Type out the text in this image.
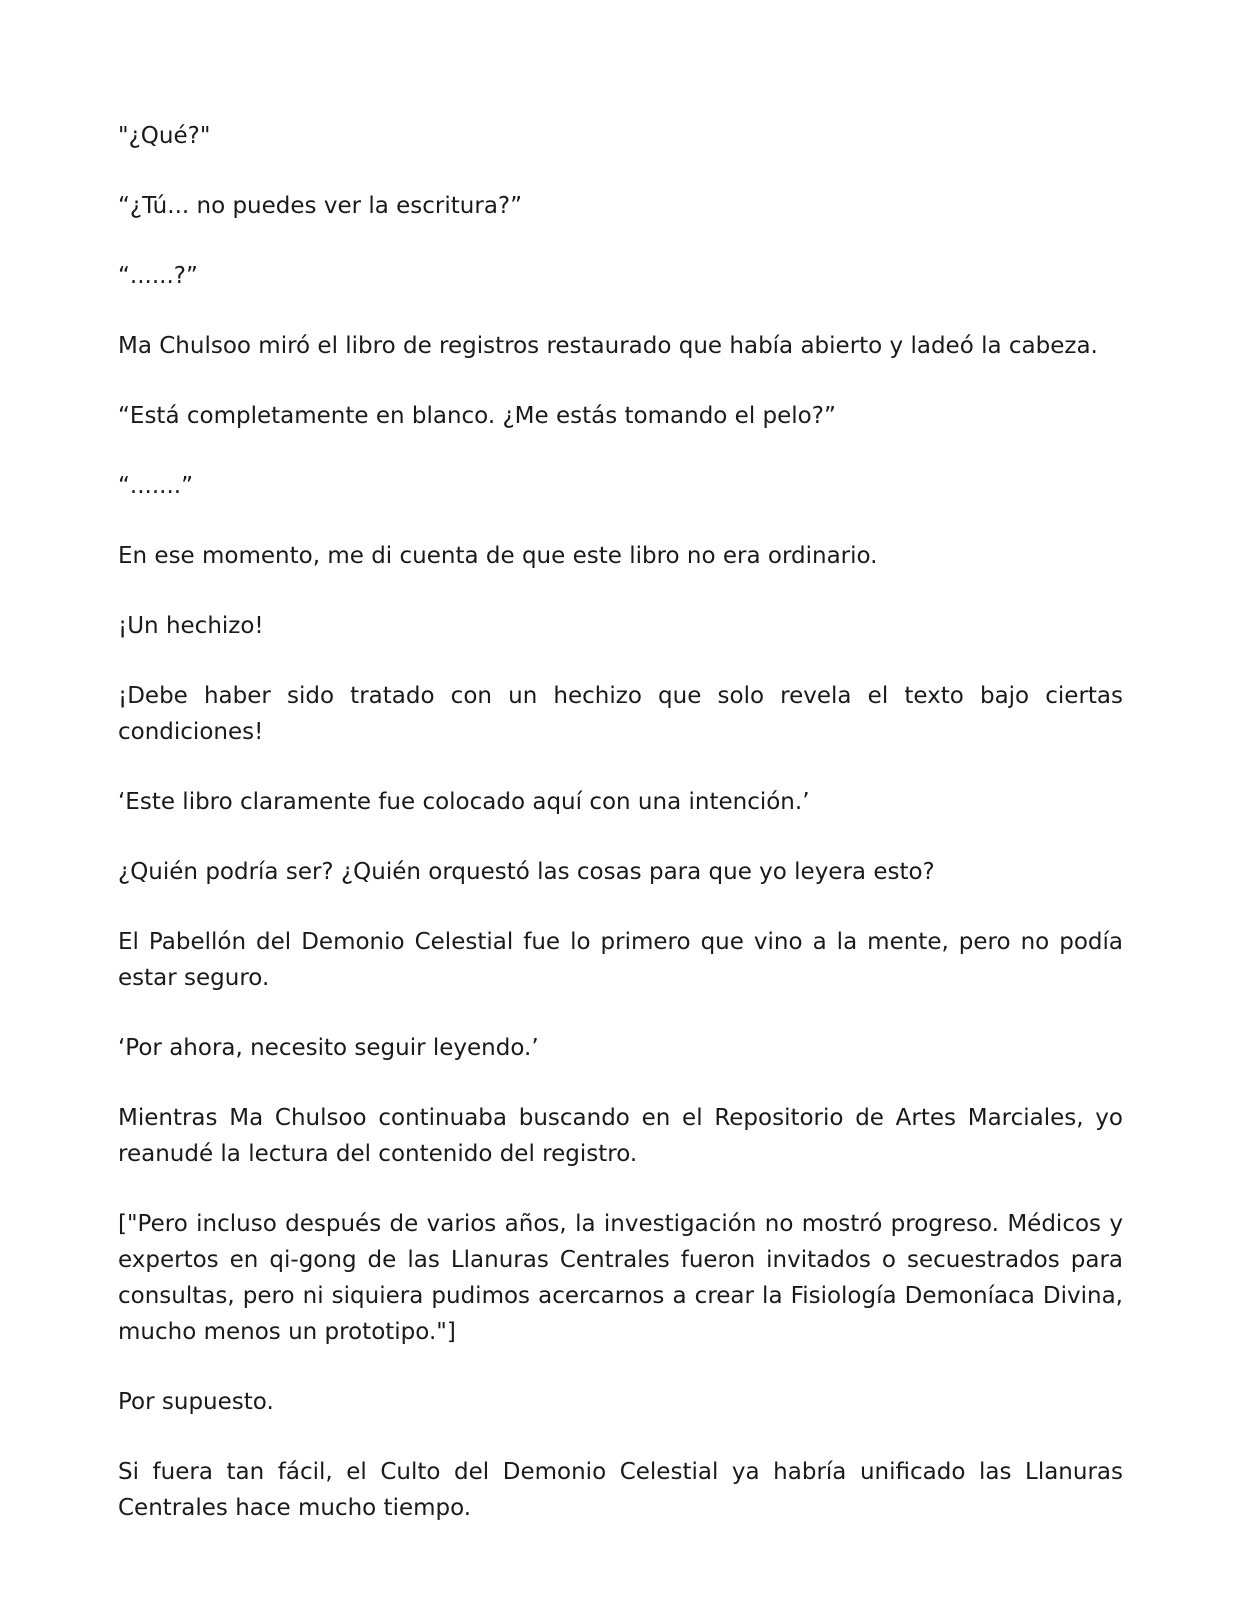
"¿Qué?"

“¿Tú... no puedes ver la escritura?”

“......?”

Ma Chulsoo miró el libro de registros restaurado que había abierto y ladeó la cabeza.

“Está completamente en blanco. ¿Me estás tomando el pelo?”

“.......”

En ese momento, me di cuenta de que este libro no era ordinario.

¡Un hechizo!

¡Debe haber sido tratado con un hechizo que solo revela el texto bajo ciertas condiciones!

‘Este libro claramente fue colocado aquí con una intención.’

¿Quién podría ser? ¿Quién orquestó las cosas para que yo leyera esto?

El Pabellón del Demonio Celestial fue lo primero que vino a la mente, pero no podía estar seguro.

‘Por ahora, necesito seguir leyendo.’

Mientras Ma Chulsoo continuaba buscando en el Repositorio de Artes Marciales, yo reanudé la lectura del contenido del registro.

["Pero incluso después de varios años, la investigación no mostró progreso. Médicos y expertos en qi-gong de las Llanuras Centrales fueron invitados o secuestrados para consultas, pero ni siquiera pudimos acercarnos a crear la Fisiología Demoníaca Divina, mucho menos un prototipo."]

Por supuesto.

Si fuera tan fácil, el Culto del Demonio Celestial ya habría unificado las Llanuras Centrales hace mucho tiempo.
